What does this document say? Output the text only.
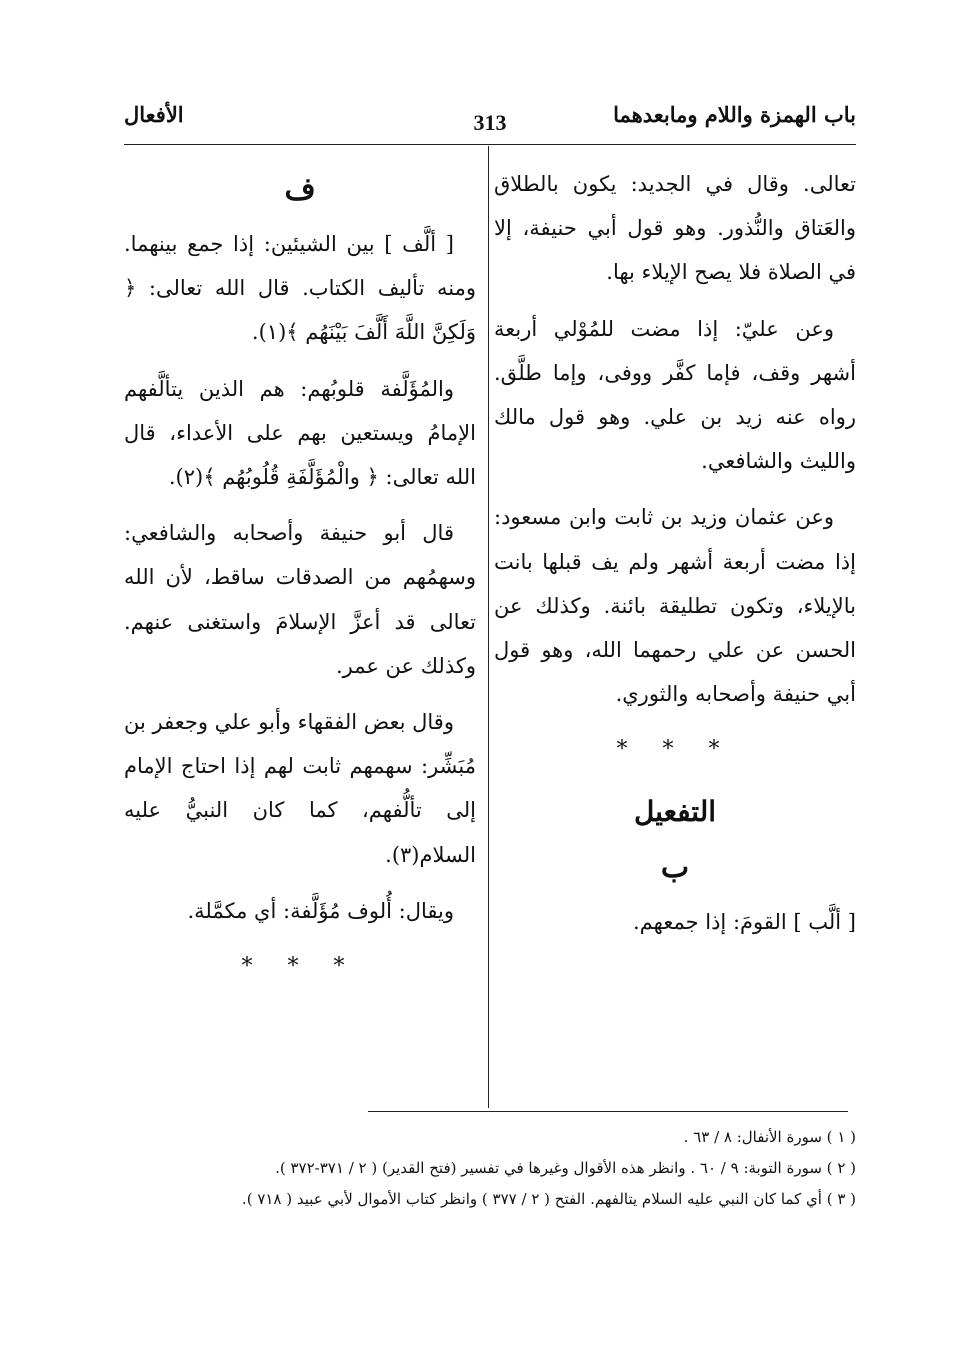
باب الهمزة واللام ومابعدهما
313
الأفعال

تعالى. وقال في الجديد: يكون بالطلاق والعَتاق والنُّذور. وهو قول أبي حنيفة، إلا في الصلاة فلا يصح الإيلاء بها.

وعن عليّ: إذا مضت للمُوْلي أربعة أشهر وقف، فإما كفَّر ووفى، وإما طلَّق. رواه عنه زيد بن علي. وهو قول مالك والليث والشافعي.

وعن عثمان وزيد بن ثابت وابن مسعود: إذا مضت أربعة أشهر ولم يف قبلها بانت بالإيلاء، وتكون تطليقة بائنة. وكذلك عن الحسن عن علي رحمهما الله، وهو قول أبي حنيفة وأصحابه والثوري.

* * *
التفعيل
ب

[ ألَّب ] القومَ: إذا جمعهم.

ف

[ ألَّف ] بين الشيئين: إذا جمع بينهما. ومنه تأليف الكتاب. قال الله تعالى: ﴿ وَلَكِنَّ اللَّهَ أَلَّفَ بَيْنَهُم ﴾(١).

والمُؤَلَّفة قلوبُهم: هم الذين يتألَّفهم الإمامُ ويستعين بهم على الأعداء، قال الله تعالى: ﴿ والْمُؤَلَّفَةِ قُلُوبُهُم ﴾(٢).

قال أبو حنيفة وأصحابه والشافعي: وسهمُهم من الصدقات ساقط، لأن الله تعالى قد أعزَّ الإسلامَ واستغنى عنهم. وكذلك عن عمر.

وقال بعض الفقهاء وأبو علي وجعفر بن مُبَشِّر: سهمهم ثابت لهم إذا احتاج الإمام إلى تألُّفهم، كما كان النبيُّ عليه السلام(٣).

ويقال: أُلوف مُؤَلَّفة: أي مكمَّلة.

* * *
( ١ ) سورة الأنفال: ٨ / ٦٣ .
( ٢ ) سورة التوبة: ٩ / ٦٠ . وانظر هذه الأقوال وغيرها في تفسير (فتح القدير) ( ٢ / ٣٧١-٣٧٢ ).
( ٣ ) أي كما كان النبي عليه السلام يتالفهم. الفتح ( ٢ / ٣٧٧ ) وانظر كتاب الأموال لأبي عبيد ( ٧١٨ ).
